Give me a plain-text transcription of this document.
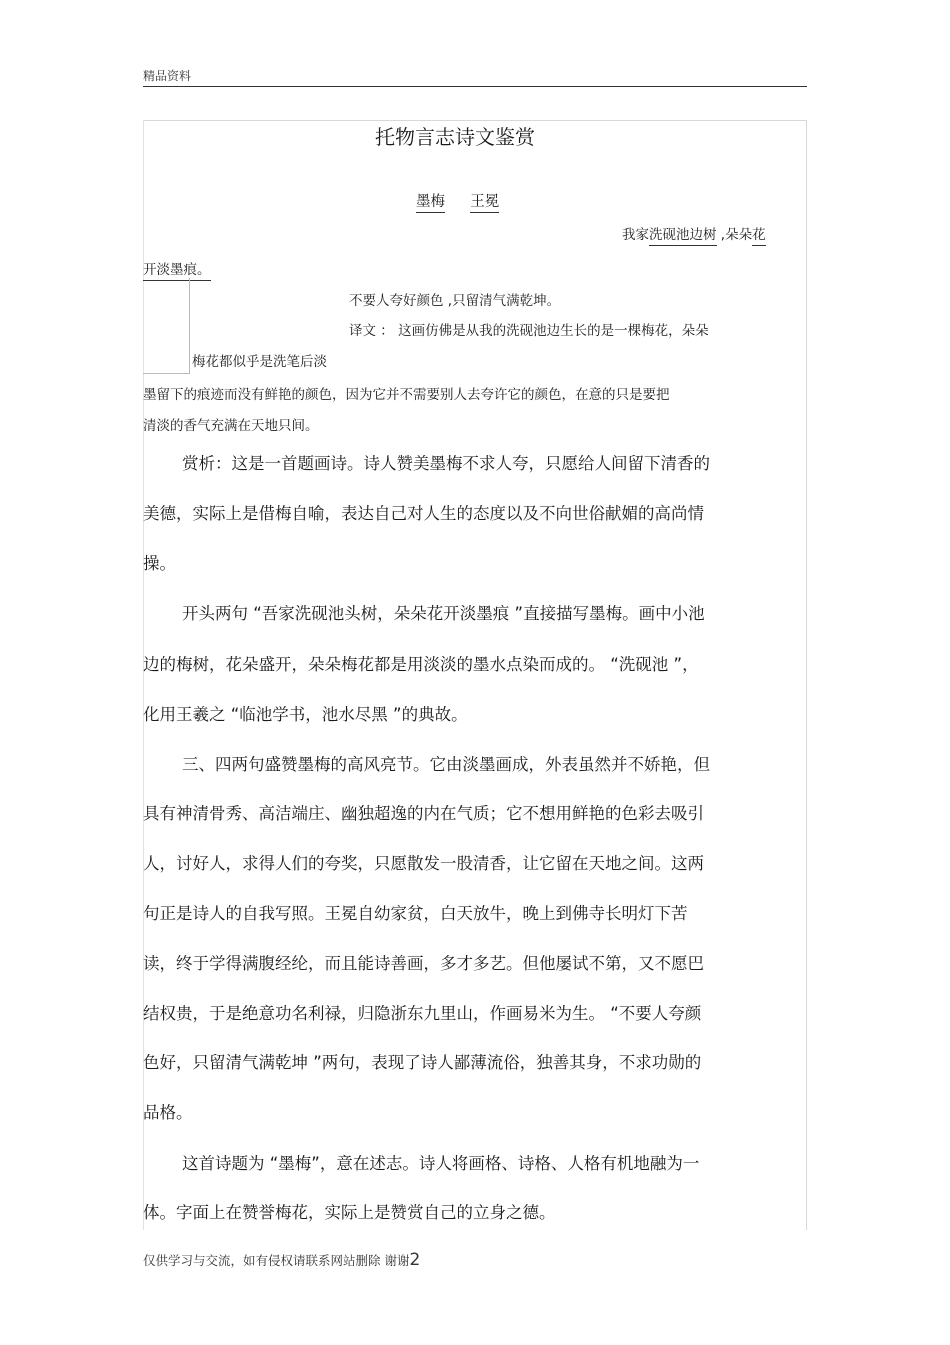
精品资料
托物言志诗文鉴赏
墨梅 王冕
我家洗砚池边树 ,朵朵花
开淡墨痕。
不要人夸好颜色 ,只留清气满乾坤。
译文 ： 这画仿佛是从我的洗砚池边生长的是一棵梅花，朵朵
梅花都似乎是洗笔后淡
墨留下的痕迹而没有鲜艳的颜色，因为它并不需要别人去夸许它的颜色，在意的只是要把
清淡的香气充满在天地只间。
赏析：这是一首题画诗。诗人赞美墨梅不求人夸，只愿给人间留下清香的
美德，实际上是借梅自喻，表达自己对人生的态度以及不向世俗献媚的高尚情
操。
开头两句 “吾家洗砚池头树，朵朵花开淡墨痕 ”直接描写墨梅。画中小池
边的梅树，花朵盛开，朵朵梅花都是用淡淡的墨水点染而成的。 “洗砚池 ”，
化用王羲之 “临池学书，池水尽黑 ”的典故。
三、四两句盛赞墨梅的高风亮节。它由淡墨画成，外表虽然并不娇艳，但
具有神清骨秀、高洁端庄、幽独超逸的内在气质；它不想用鲜艳的色彩去吸引
人，讨好人，求得人们的夸奖，只愿散发一股清香，让它留在天地之间。这两
句正是诗人的自我写照。王冕自幼家贫，白天放牛，晚上到佛寺长明灯下苦
读，终于学得满腹经纶，而且能诗善画，多才多艺。但他屡试不第，又不愿巴
结权贵，于是绝意功名利禄，归隐浙东九里山，作画易米为生。 “不要人夸颜
色好，只留清气满乾坤 ”两句，表现了诗人鄙薄流俗，独善其身，不求功勋的
品格。
这首诗题为 “墨梅”，意在述志。诗人将画格、诗格、人格有机地融为一
体。字面上在赞誉梅花，实际上是赞赏自己的立身之德。
仅供学习与交流，如有侵权请联系网站删除 谢谢2
